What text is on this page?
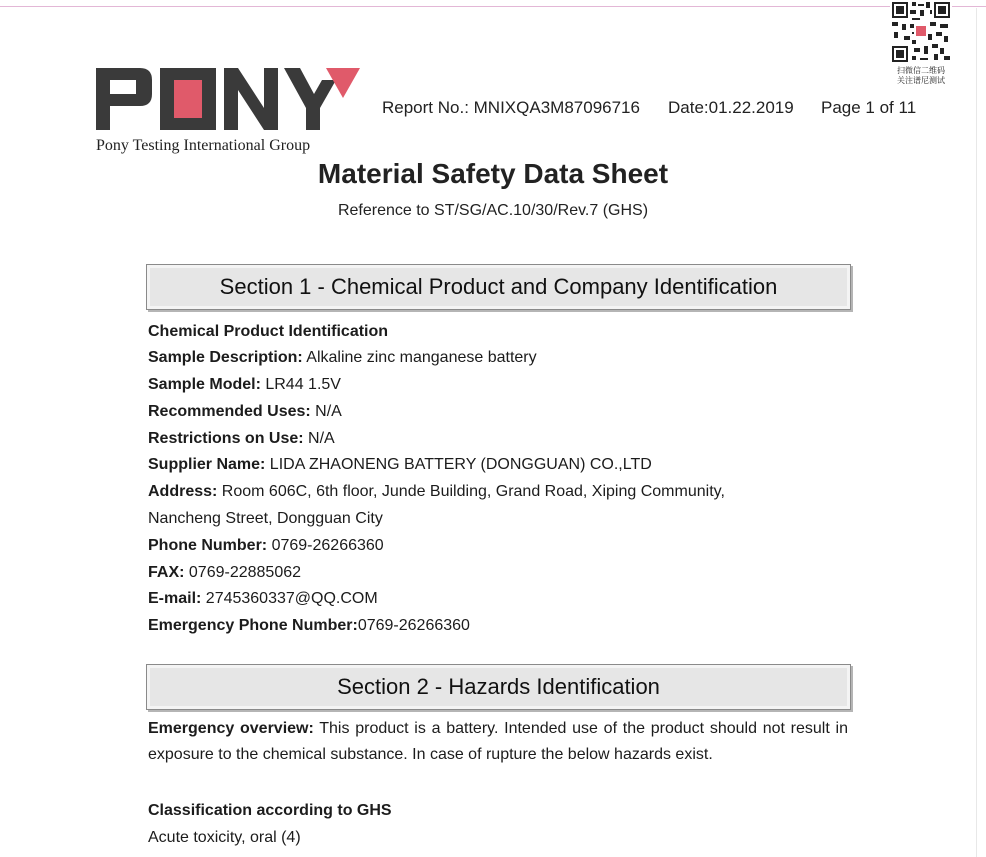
Pony Testing International Group
Report No.: MNIXQA3M87096716 Date:01.22.2019 Page 1 of 11
扫微信二维码
关注谱尼测试
Material Safety Data Sheet
Reference to ST/SG/AC.10/30/Rev.7 (GHS)
Section 1 - Chemical Product and Company Identification
Chemical Product Identification
Sample Description: Alkaline zinc manganese battery
Sample Model: LR44 1.5V
Recommended Uses: N/A
Restrictions on Use: N/A
Supplier Name: LIDA ZHAONENG BATTERY (DONGGUAN) CO.,LTD
Address: Room 606C, 6th floor, Junde Building, Grand Road, Xiping Community,
Nancheng Street, Dongguan City
Phone Number: 0769-26266360
FAX: 0769-22885062
E-mail: 2745360337@QQ.COM
Emergency Phone Number:0769-26266360
Section 2 - Hazards Identification
Emergency overview: This product is a battery. Intended use of the product should not result in exposure to the chemical substance. In case of rupture the below hazards exist.
Classification according to GHS
Acute toxicity, oral (4)
